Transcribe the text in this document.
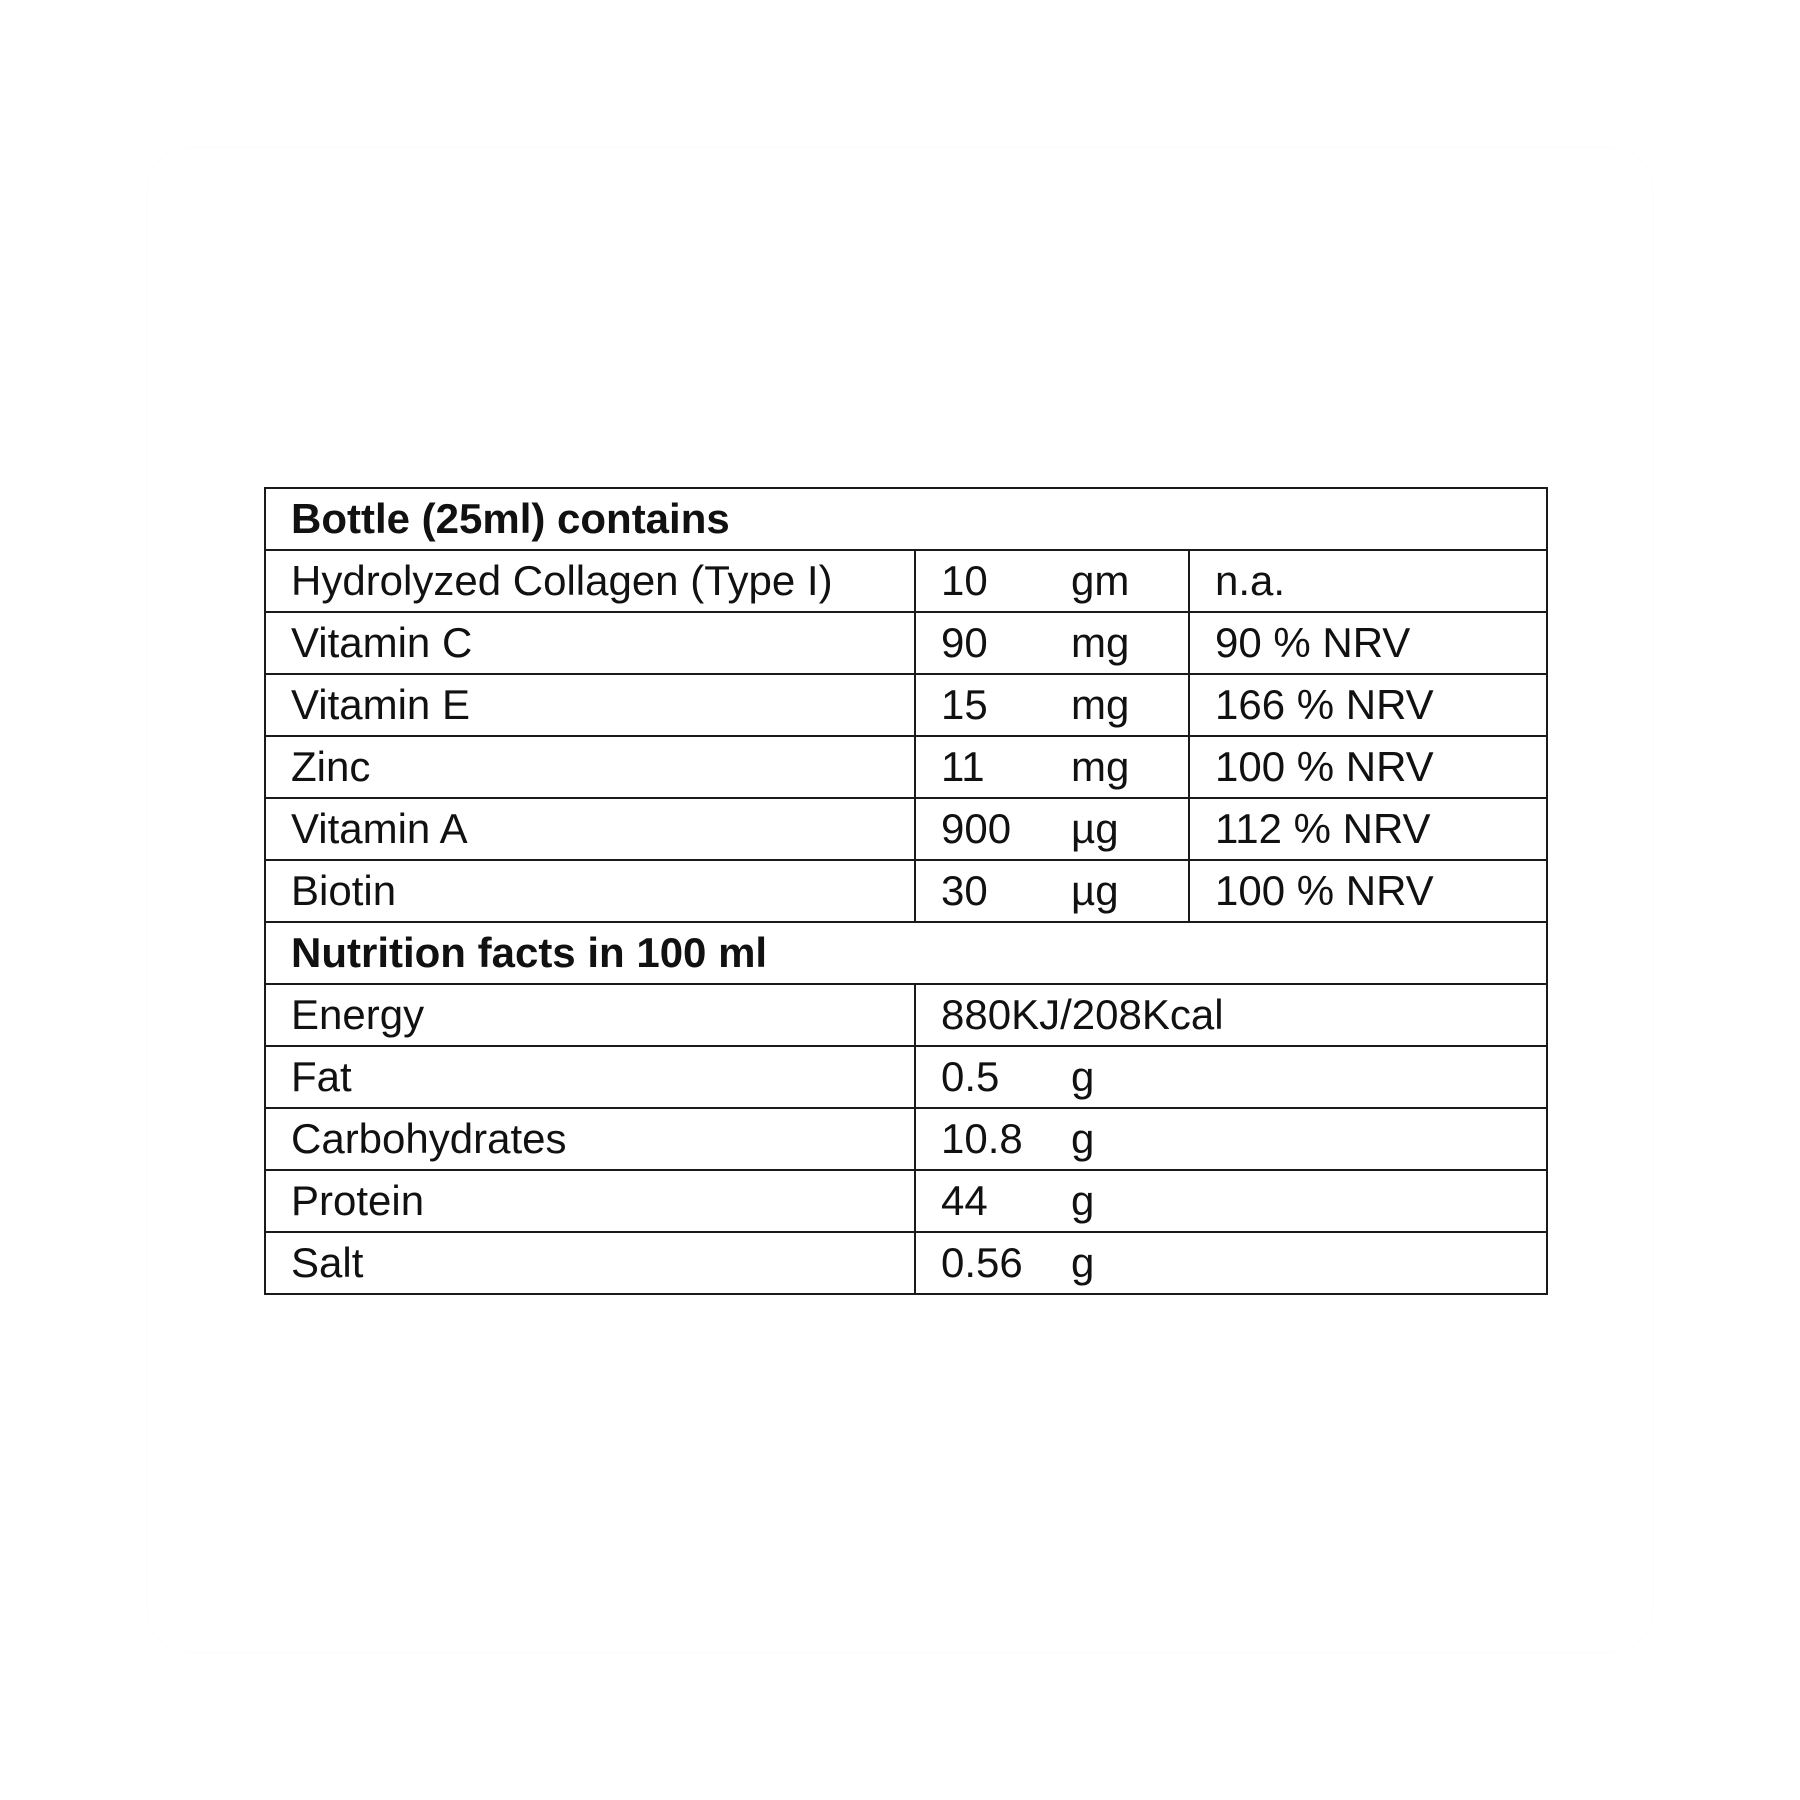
Bottle (25ml) contains		
Hydrolyzed Collagen (Type I)	10 gm	n.a.
Vitamin C	90 mg	90 % NRV
Vitamin E	15 mg	166 % NRV
Zinc	11 mg	100 % NRV
Vitamin A	900 µg	112 % NRV
Biotin	30 µg	100 % NRV
Nutrition facts in 100 ml		
Energy	880KJ/208Kcal	
Fat	0.5 g	
Carbohydrates	10.8 g	
Protein	44 g	
Salt	0.56 g	
